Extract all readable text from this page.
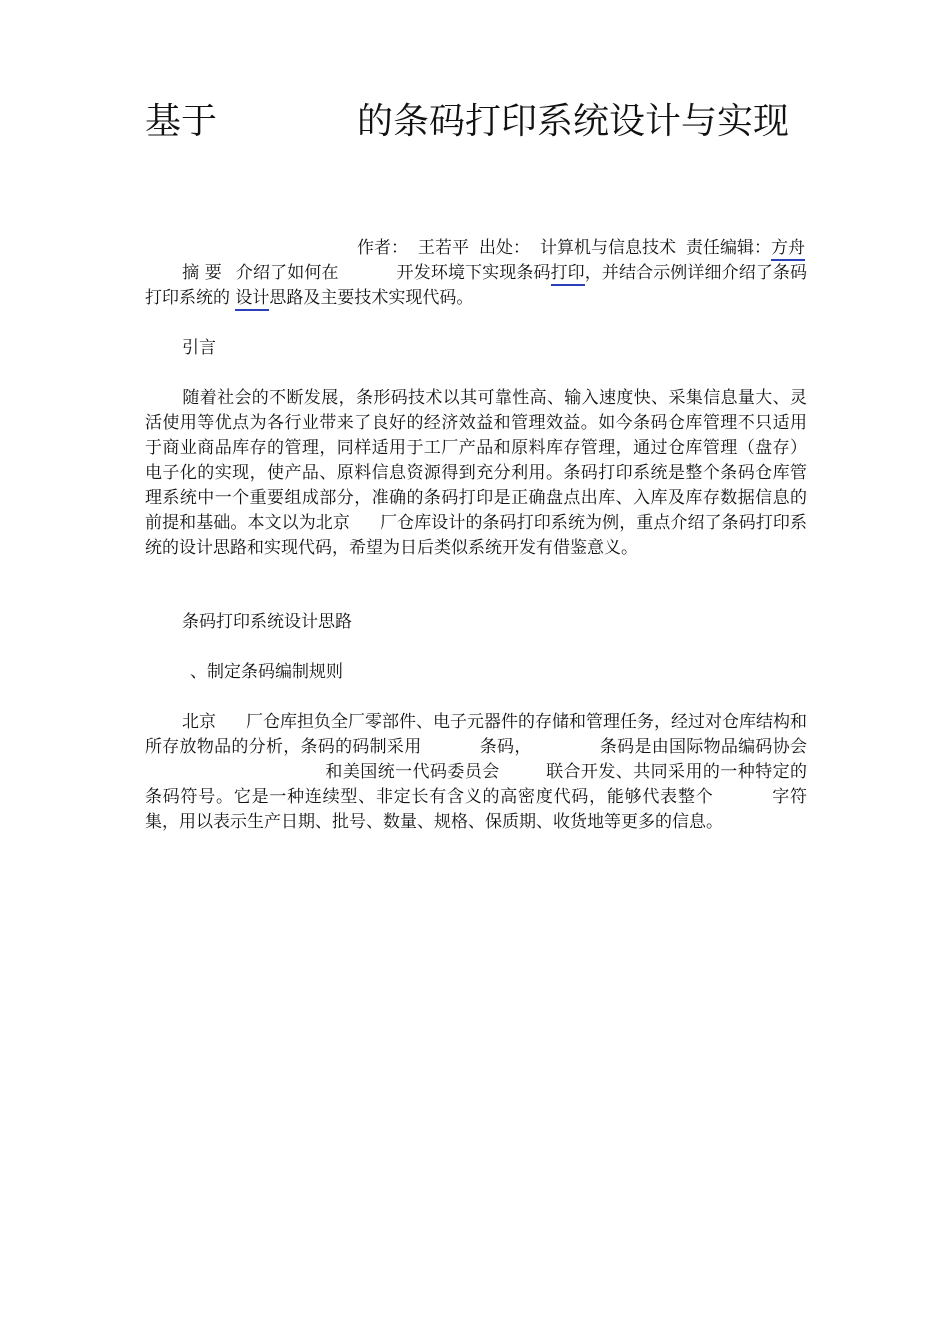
基于	的条码打印系统设计与实现
作者： 王若平 出处： 计算机与信息技术 责任编辑：方舟

摘 要 介绍了如何在	开发环境下实现条码打印，并结合示例详细介绍了条码打印系统的 设计思路及主要技术实现代码。

引言

随着社会的不断发展，条形码技术以其可靠性高、输入速度快、采集信息量大、灵活使用等优点为各行业带来了良好的经济效益和管理效益。如今条码仓库管理不只适用于商业商品库存的管理，同样适用于工厂产品和原料库存管理，通过仓库管理（盘存）电子化的实现，使产品、原料信息资源得到充分利用。条码打印系统是整个条码仓库管理系统中一个重要组成部分，准确的条码打印是正确盘点出库、入库及库存数据信息的前提和基础。本文以为北京 厂仓库设计的条码打印系统为例，重点介绍了条码打印系统的设计思路和实现代码，希望为日后类似系统开发有借鉴意义。

条码打印系统设计思路

、制定条码编制规则

北京 厂仓库担负全厂零部件、电子元器件的存储和管理任务，经过对仓库结构和所存放物品的分析，条码的码制采用	条码，	条码是由国际物品编码协会和美国统一代码委员会	联合开发、共同采用的一种特定的条码符号。它是一种连续型、非定长有含义的高密度代码，能够代表整个	字符集，用以表示生产日期、批号、数量、规格、保质期、收货地等更多的信息。
